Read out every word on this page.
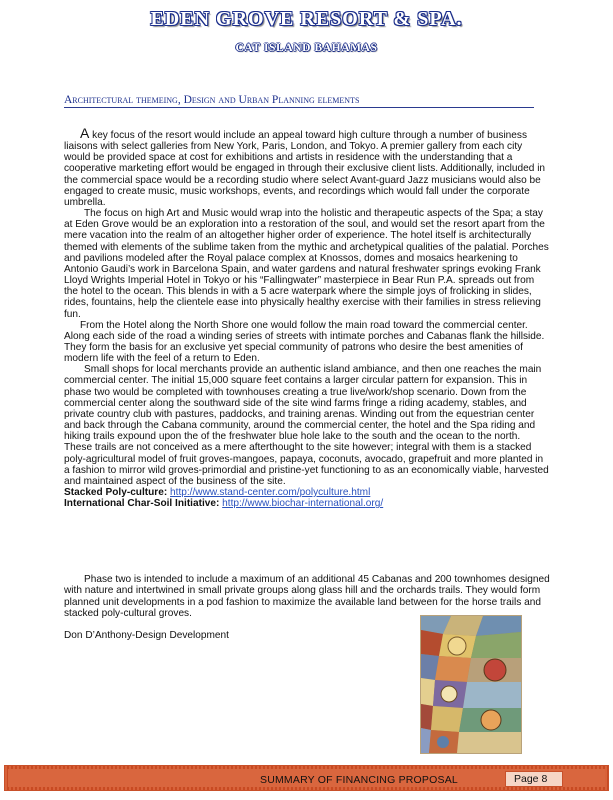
EDEN GROVE RESORT & SPA.
CAT ISLAND BAHAMAS
Architectural themeing, Design and Urban Planning elements

A key focus of the resort would include an appeal toward high culture through a number of business liaisons with select galleries from New York, Paris, London, and Tokyo. A premier gallery from each city would be provided space at cost for exhibitions and artists in residence with the understanding that a cooperative marketing effort would be engaged in through their exclusive client lists. Additionally, included in the commercial space would be a recording studio where select Avant-guard Jazz musicians would also be engaged to create music, music workshops, events, and recordings which would fall under the corporate umbrella.

The focus on high Art and Music would wrap into the holistic and therapeutic aspects of the Spa; a stay at Eden Grove would be an exploration into a restoration of the soul, and would set the resort apart from the mere vacation into the realm of an altogether higher order of experience. The hotel itself is architecturally themed with elements of the sublime taken from the mythic and archetypical qualities of the palatial. Porches and pavilions modeled after the Royal palace complex at Knossos, domes and mosaics hearkening to Antonio Gaudi’s work in Barcelona Spain, and water gardens and natural freshwater springs evoking Frank Lloyd Wrights Imperial Hotel in Tokyo or his “Fallingwater” masterpiece in Bear Run P.A. spreads out from the hotel to the ocean. This blends in with a 5 acre waterpark where the simple joys of frolicking in slides, rides, fountains, help the clientele ease into physically healthy exercise with their families in stress relieving fun.

From the Hotel along the North Shore one would follow the main road toward the commercial center. Along each side of the road a winding series of streets with intimate porches and Cabanas flank the hillside. They form the basis for an exclusive yet special community of patrons who desire the best amenities of modern life with the feel of a return to Eden.

Small shops for local merchants provide an authentic island ambiance, and then one reaches the main commercial center. The initial 15,000 square feet contains a larger circular pattern for expansion. This in phase two would be completed with townhouses creating a true live/work/shop scenario. Down from the commercial center along the southward side of the site wind farms fringe a riding academy, stables, and private country club with pastures, paddocks, and training arenas. Winding out from the equestrian center and back through the Cabana community, around the commercial center, the hotel and the Spa riding and hiking trails expound upon the of the freshwater blue hole lake to the south and the ocean to the north. These trails are not conceived as a mere afterthought to the site however; integral with them is a stacked poly-agricultural model of fruit groves-mangoes, papaya, coconuts, avocado, grapefruit and more planted in a fashion to mirror wild groves-primordial and pristine-yet functioning to as an economically viable, harvested and maintained aspect of the business of the site.

Stacked Poly-culture: http://www.stand-center.com/polyculture.html

International Char-Soil Initiative: http://www.biochar-international.org/

Phase two is intended to include a maximum of an additional 45 Cabanas and 200 townhomes designed with nature and intertwined in small private groups along glass hill and the orchards trails. They would form planned unit developments in a pod fashion to maximize the available land between for the horse trails and stacked poly-cultural groves.
Don D’Anthony-Design Development
SUMMARY OF FINANCING PROPOSAL	Page 8
